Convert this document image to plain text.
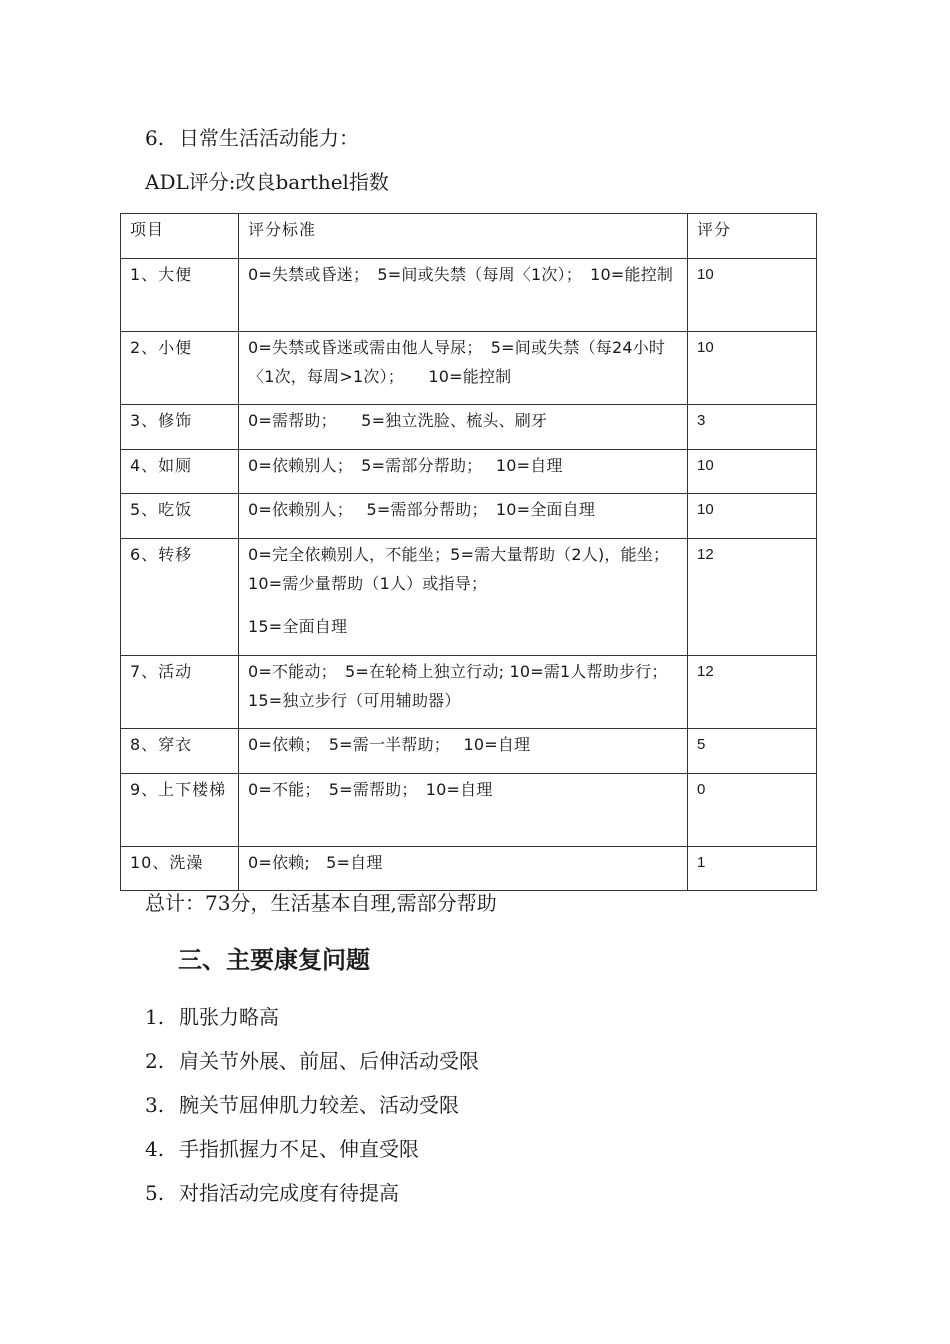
6. 日常生活活动能力：
ADL评分:改良barthel指数
项目	评分标准	评分
1、大便	0=失禁或昏迷；　5=间或失禁（每周〈1次）；　10=能控制	10
2、小便	0=失禁或昏迷或需由他人导尿；　5=间或失禁（每24小时〈1次，每周>1次）；　　10=能控制	10
3、修饰	0=需帮助；　　5=独立洗脸、梳头、刷牙	3
4、如厕	0=依赖别人；　5=需部分帮助；　 10=自理	10
5、吃饭	0=依赖别人；　 5=需部分帮助；　10=全面自理	10
6、转移	0=完全依赖别人，不能坐；5=需大量帮助（2人)，能坐；　10=需少量帮助（1人）或指导；
15=全面自理	12
7、活动	0=不能动；　5=在轮椅上独立行动; 10=需1人帮助步行；　15=独立步行（可用辅助器）	12
8、穿衣	0=依赖；　5=需一半帮助；　 10=自理	5
9、上下楼梯	0=不能；　5=需帮助；　10=自理	0
10、洗澡	0=依赖;　5=自理	1
总计：73分，生活基本自理,需部分帮助
三、主要康复问题
1. 肌张力略高
2. 肩关节外展、前屈、后伸活动受限
3. 腕关节屈伸肌力较差、活动受限
4. 手指抓握力不足、伸直受限
5. 对指活动完成度有待提高
